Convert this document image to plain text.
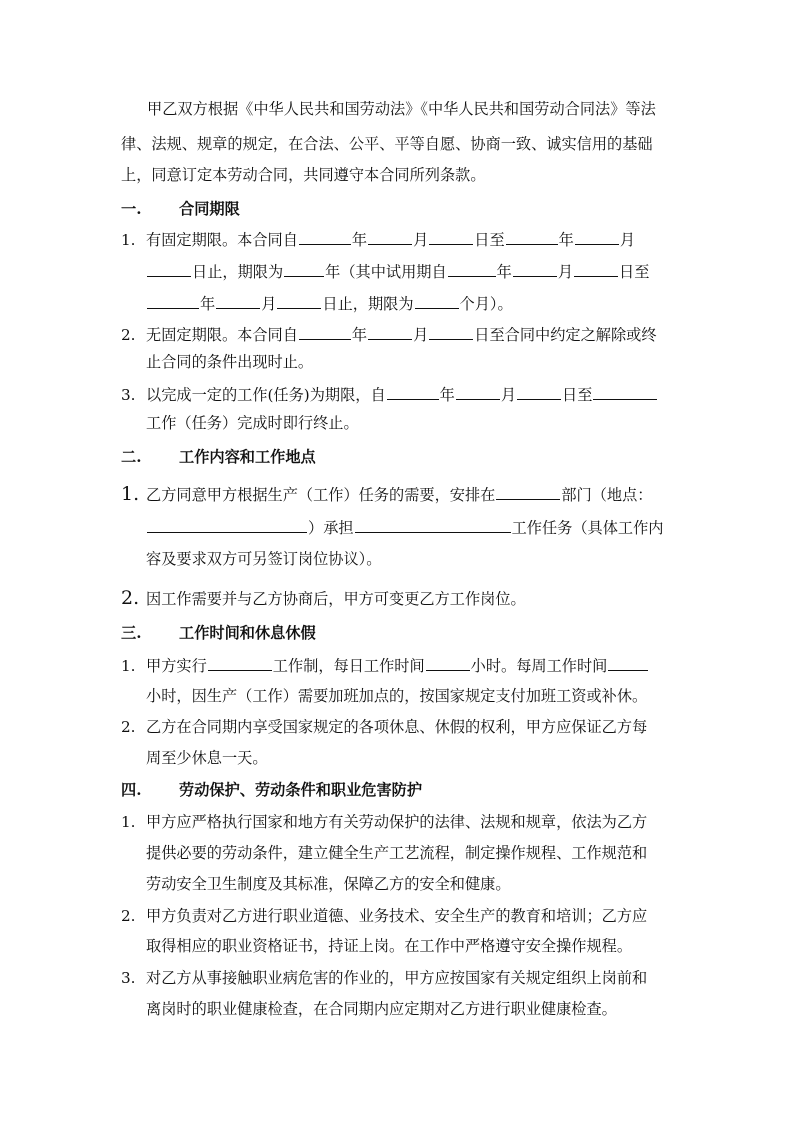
甲乙双方根据《中华人民共和国劳动法》《中华人民共和国劳动合同法》等法
律、法规、规章的规定，在合法、公平、平等自愿、协商一致、诚实信用的基础
上，同意订定本劳动合同，共同遵守本合同所列条款。
一. 合同期限
1. 有固定期限。本合同自	年	月	日至	年	月
日止，期限为	年（其中试用期自	年	月	日至
年	月	日止，期限为	个月）。
2. 无固定期限。本合同自	年	月	日至合同中约定之解除或终
止合同的条件出现时止。
3. 以完成一定的工作(任务)为期限，自	年	月	日至
工作（任务）完成时即行终止。
二. 工作内容和工作地点
1. 乙方同意甲方根据生产（工作）任务的需要，安排在	部门（地点：
）承担	工作任务（具体工作内
容及要求双方可另签订岗位协议）。
2. 因工作需要并与乙方协商后，甲方可变更乙方工作岗位。
三. 工作时间和休息休假
1. 甲方实行	工作制，每日工作时间	小时。每周工作时间
小时，因生产（工作）需要加班加点的，按国家规定支付加班工资或补休。
2. 乙方在合同期内享受国家规定的各项休息、休假的权利，甲方应保证乙方每
周至少休息一天。
四. 劳动保护、劳动条件和职业危害防护
1. 甲方应严格执行国家和地方有关劳动保护的法律、法规和规章，依法为乙方
提供必要的劳动条件，建立健全生产工艺流程，制定操作规程、工作规范和
劳动安全卫生制度及其标准，保障乙方的安全和健康。
2. 甲方负责对乙方进行职业道德、业务技术、安全生产的教育和培训；乙方应
取得相应的职业资格证书，持证上岗。在工作中严格遵守安全操作规程。
3. 对乙方从事接触职业病危害的作业的，甲方应按国家有关规定组织上岗前和
离岗时的职业健康检查，在合同期内应定期对乙方进行职业健康检查。
